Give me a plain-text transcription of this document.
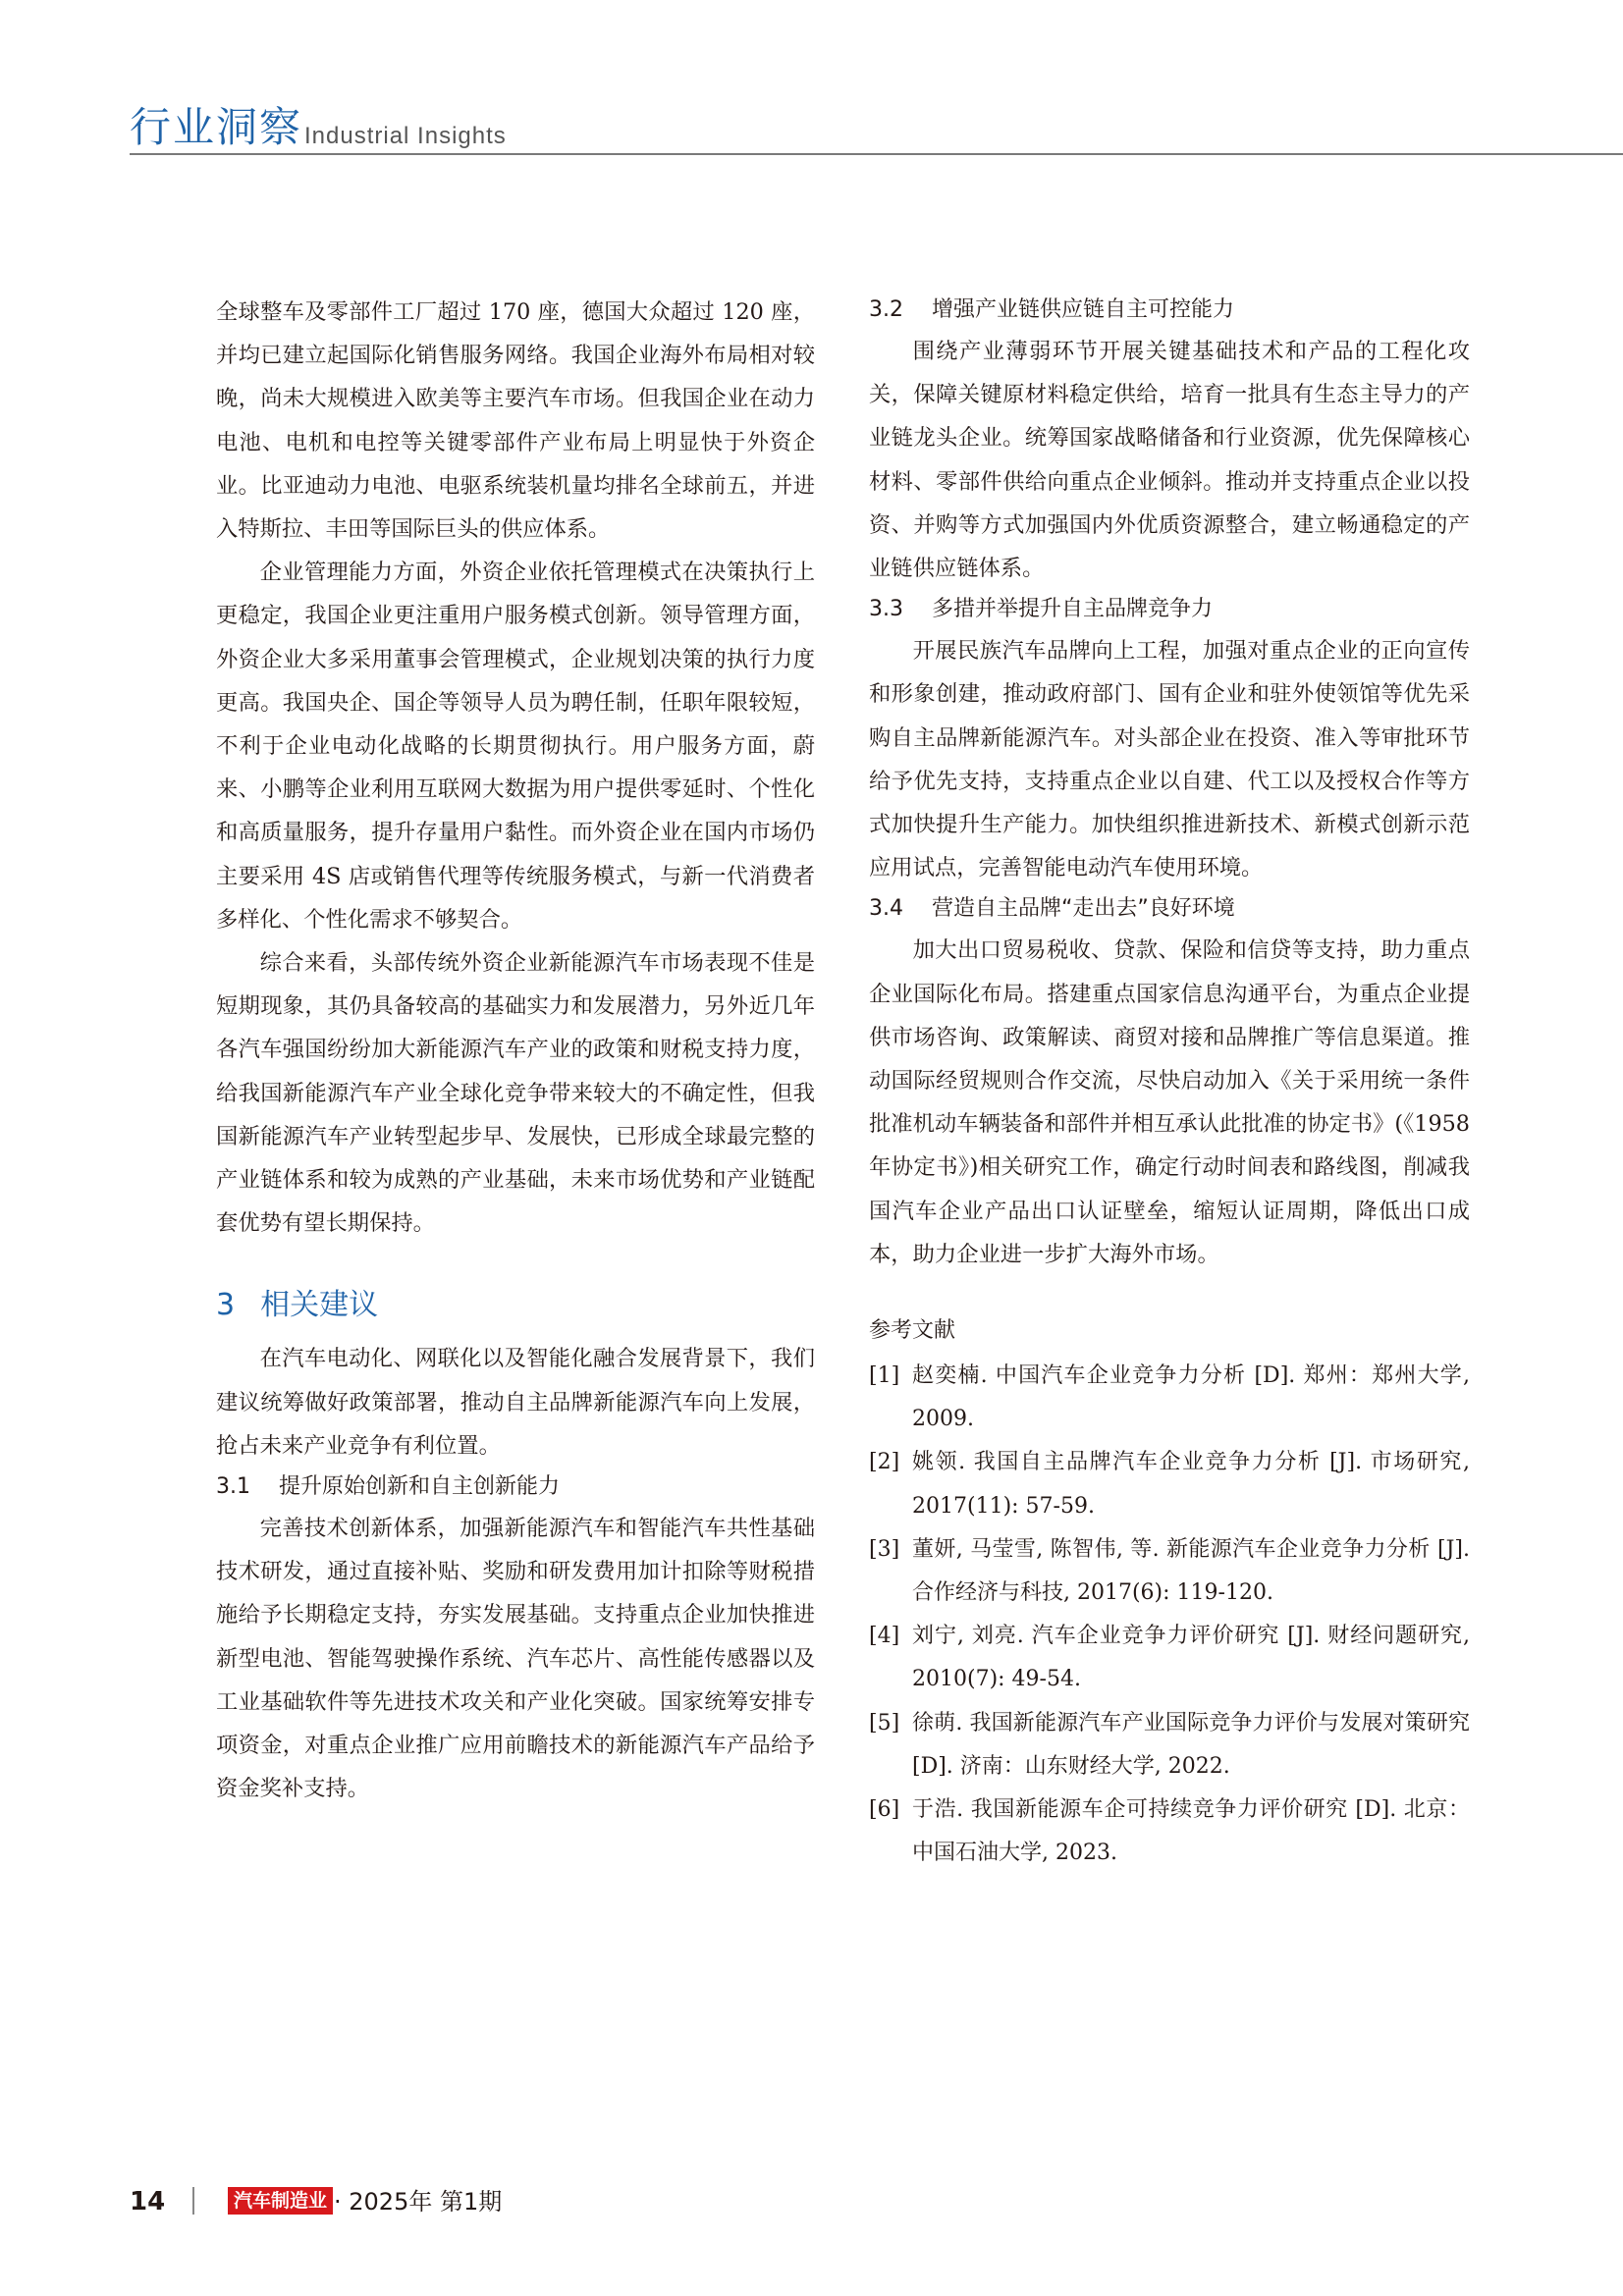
行业洞察 Industrial Insights

全球整车及零部件工厂超过 170 座，德国大众超过 120 座，并均已建立起国际化销售服务网络。我国企业海外布局相对较晚，尚未大规模进入欧美等主要汽车市场。但我国企业在动力电池、电机和电控等关键零部件产业布局上明显快于外资企业。比亚迪动力电池、电驱系统装机量均排名全球前五，并进入特斯拉、丰田等国际巨头的供应体系。

企业管理能力方面，外资企业依托管理模式在决策执行上更稳定，我国企业更注重用户服务模式创新。领导管理方面，外资企业大多采用董事会管理模式，企业规划决策的执行力度更高。我国央企、国企等领导人员为聘任制，任职年限较短，不利于企业电动化战略的长期贯彻执行。用户服务方面，蔚来、小鹏等企业利用互联网大数据为用户提供零延时、个性化和高质量服务，提升存量用户黏性。而外资企业在国内市场仍主要采用 4S 店或销售代理等传统服务模式，与新一代消费者多样化、个性化需求不够契合。

综合来看，头部传统外资企业新能源汽车市场表现不佳是短期现象，其仍具备较高的基础实力和发展潜力，另外近几年各汽车强国纷纷加大新能源汽车产业的政策和财税支持力度，给我国新能源汽车产业全球化竞争带来较大的不确定性，但我国新能源汽车产业转型起步早、发展快，已形成全球最完整的产业链体系和较为成熟的产业基础，未来市场优势和产业链配套优势有望长期保持。

3 相关建议

在汽车电动化、网联化以及智能化融合发展背景下，我们建议统筹做好政策部署，推动自主品牌新能源汽车向上发展，抢占未来产业竞争有利位置。

3.1 提升原始创新和自主创新能力

完善技术创新体系，加强新能源汽车和智能汽车共性基础技术研发，通过直接补贴、奖励和研发费用加计扣除等财税措施给予长期稳定支持，夯实发展基础。支持重点企业加快推进新型电池、智能驾驶操作系统、汽车芯片、高性能传感器以及工业基础软件等先进技术攻关和产业化突破。国家统筹安排专项资金，对重点企业推广应用前瞻技术的新能源汽车产品给予资金奖补支持。

3.2 增强产业链供应链自主可控能力

围绕产业薄弱环节开展关键基础技术和产品的工程化攻关，保障关键原材料稳定供给，培育一批具有生态主导力的产业链龙头企业。统筹国家战略储备和行业资源，优先保障核心材料、零部件供给向重点企业倾斜。推动并支持重点企业以投资、并购等方式加强国内外优质资源整合，建立畅通稳定的产业链供应链体系。

3.3 多措并举提升自主品牌竞争力

开展民族汽车品牌向上工程，加强对重点企业的正向宣传和形象创建，推动政府部门、国有企业和驻外使领馆等优先采购自主品牌新能源汽车。对头部企业在投资、准入等审批环节给予优先支持，支持重点企业以自建、代工以及授权合作等方式加快提升生产能力。加快组织推进新技术、新模式创新示范应用试点，完善智能电动汽车使用环境。

3.4 营造自主品牌“走出去”良好环境

加大出口贸易税收、贷款、保险和信贷等支持，助力重点企业国际化布局。搭建重点国家信息沟通平台，为重点企业提供市场咨询、政策解读、商贸对接和品牌推广等信息渠道。推动国际经贸规则合作交流，尽快启动加入《关于采用统一条件批准机动车辆装备和部件并相互承认此批准的协定书》(《1958 年协定书》)相关研究工作，确定行动时间表和路线图，削减我国汽车企业产品出口认证壁垒，缩短认证周期，降低出口成本，助力企业进一步扩大海外市场。

参考文献
[1] 赵奕楠. 中国汽车企业竞争力分析 [D]. 郑州：郑州大学, 2009.
[2] 姚领. 我国自主品牌汽车企业竞争力分析 [J]. 市场研究, 2017(11): 57-59.
[3] 董妍, 马莹雪, 陈智伟, 等. 新能源汽车企业竞争力分析 [J]. 合作经济与科技, 2017(6): 119-120.
[4] 刘宁, 刘亮. 汽车企业竞争力评价研究 [J]. 财经问题研究, 2010(7): 49-54.
[5] 徐萌. 我国新能源汽车产业国际竞争力评价与发展对策研究 [D]. 济南：山东财经大学, 2022.
[6] 于浩. 我国新能源车企可持续竞争力评价研究 [D]. 北京：中国石油大学, 2023.
14	汽车制造业 · 2025年 第1期
